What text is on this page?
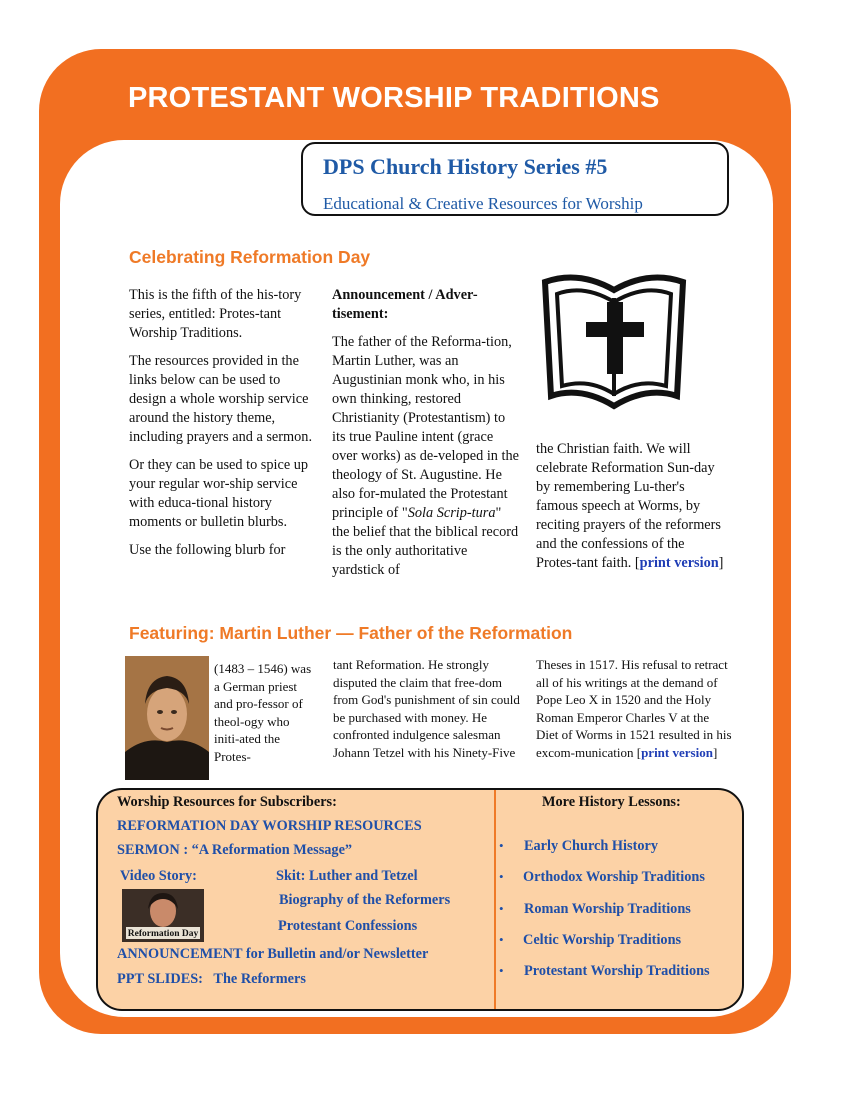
PROTESTANT WORSHIP TRADITIONS
DPS Church History Series #5
Educational & Creative Resources for Worship
Celebrating Reformation Day

This is the fifth of the his-tory series, entitled: Protes-tant Worship Traditions.

The resources provided in the links below can be used to design a whole worship service around the history theme, including prayers and a sermon.

Or they can be used to spice up your regular wor-ship service with educa-tional history moments or bulletin blurbs.

Use the following blurb for

Announcement / Adver-tisement:

The father of the Reforma-tion, Martin Luther, was an Augustinian monk who, in his own thinking, restored Christianity (Protestantism) to its true Pauline intent (grace over works) as de-veloped in the theology of St. Augustine. He also for-mulated the Protestant principle of "Sola Scrip-tura" the belief that the biblical record is the only authoritative yardstick of

the Christian faith. We will celebrate Reformation Sun-day by remembering Lu-ther's famous speech at Worms, by reciting prayers of the reformers and the confessions of the Protes-tant faith. [print version]
Featuring: Martin Luther — Father of the Reformation

(1483 – 1546) was a German priest and pro-fessor of theol-ogy who initi-ated the Protes-

tant Reformation. He strongly disputed the claim that free-dom from God's punishment of sin could be purchased with money. He confronted indulgence salesman Johann Tetzel with his Ninety-Five

Theses in 1517. His refusal to retract all of his writings at the demand of Pope Leo X in 1520 and the Holy Roman Emperor Charles V at the Diet of Worms in 1521 resulted in his excom-munication [print version]

Worship Resources for Subscribers:
REFORMATION DAY WORSHIP RESOURCES
SERMON : “A Reformation Message”
Video Story:	Skit: Luther and Tetzel
Biography of the Reformers
Protestant Confessions
Reformation Day
ANNOUNCEMENT for Bulletin and/or Newsletter
PPT SLIDES: The Reformers
More History Lessons:
• Early Church History
• Orthodox Worship Traditions
• Roman Worship Traditions
• Celtic Worship Traditions
• Protestant Worship Traditions
